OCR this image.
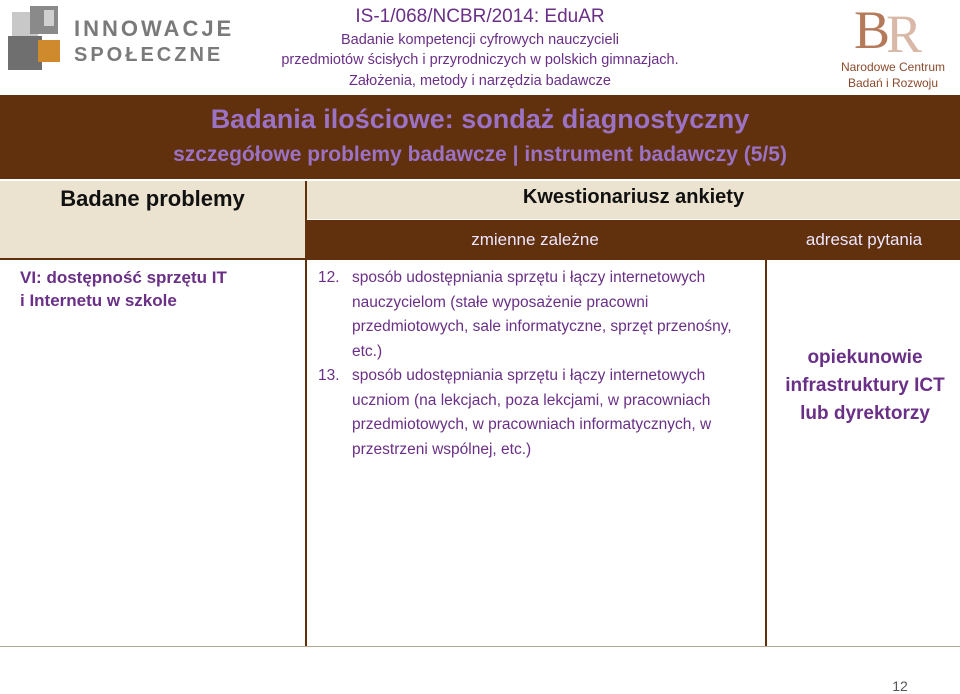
INNOWACJE
SPOŁECZNE
IS-1/068/NCBR/2014: EduAR
Badanie kompetencji cyfrowych nauczycieli
przedmiotów ścisłych i przyrodniczych w polskich gimnazjach.
Założenia, metody i narzędzia badawcze
B
R
Narodowe Centrum
Badań i Rozwoju
Badania ilościowe: sondaż diagnostyczny
szczegółowe problemy badawcze | instrument badawczy (5/5)
Badane problemy	Kwestionariusz ankiety
zmienne zależne	adresat pytania
VI: dostępność sprzętu IT
i Internetu w szkole
12. sposób udostępniania sprzętu i łączy internetowych nauczycielom (stałe wyposażenie pracowni przedmiotowych, sale informatyczne, sprzęt przenośny, etc.)
13. sposób udostępniania sprzętu i łączy internetowych uczniom (na lekcjach, poza lekcjami, w pracowniach przedmiotowych, w pracowniach informatycznych, w przestrzeni wspólnej, etc.)
opiekunowie
infrastruktury ICT
lub dyrektorzy
12
